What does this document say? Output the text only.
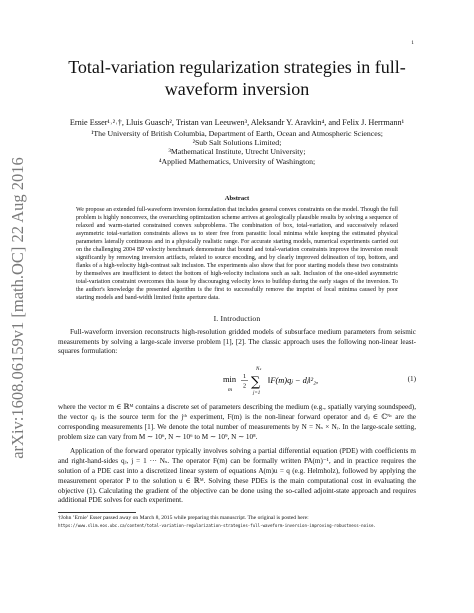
1
arXiv:1608.06159v1 [math.OC] 22 Aug 2016
Total-variation regularization strategies in full-waveform inversion
Ernie Esser¹˒²˒†, Lluis Guasch², Tristan van Leeuwen³, Aleksandr Y. Aravkin⁴, and Felix J. Herrmann¹
¹The University of British Columbia, Department of Earth, Ocean and Atmospheric Sciences;
²Sub Salt Solutions Limited;
³Mathematical Institute, Utrecht University;
⁴Applied Mathematics, University of Washington;
Abstract
We propose an extended full-waveform inversion formulation that includes general convex constraints on the model. Though the full problem is highly nonconvex, the overarching optimization scheme arrives at geologically plausible results by solving a sequence of relaxed and warm-started constrained convex subproblems. The combination of box, total-variation, and successively relaxed asymmetric total-variation constraints allows us to steer free from parasitic local minima while keeping the estimated physical parameters laterally continuous and in a physically realistic range. For accurate starting models, numerical experiments carried out on the challenging 2004 BP velocity benchmark demonstrate that bound and total-variation constraints improve the inversion result significantly by removing inversion artifacts, related to source encoding, and by clearly improved delineation of top, bottom, and flanks of a high-velocity high-contrast salt inclusion. The experiments also show that for poor starting models these two constraints by themselves are insufficient to detect the bottom of high-velocity inclusions such as salt. Inclusion of the one-sided asymmetric total-variation constraint overcomes this issue by discouraging velocity lows to buildup during the early stages of the inversion. To the author's knowledge the presented algorithm is the first to successfully remove the imprint of local minima caused by poor starting models and band-width limited finite aperture data.
I. Introduction

Full-waveform inversion reconstructs high-resolution gridded models of subsurface medium parameters from seismic measurements by solving a large-scale inverse problem [1], [2]. The classic approach uses the following non-linear least-squares formulation:

min
m
1
2
Nₛ
∑
j=1
‖F(m)qⱼ − dⱼ‖²₂,	(1)

where the vector m ∈ ℝᴹ contains a discrete set of parameters describing the medium (e.g., spatially varying soundspeed), the vector qⱼ is the source term for the jᵗʰ experiment, F(m) is the non-linear forward operator and dⱼ ∈ ℂᴺᶜ are the corresponding measurements [1]. We denote the total number of measurements by N = Nₛ × Nᵣ. In the large-scale setting, problem size can vary from M ∼ 10⁶, N ∼ 10⁶ to M ∼ 10⁹, N ∼ 10⁸.

Application of the forward operator typically involves solving a partial differential equation (PDE) with coefficients m and right-hand-sides qⱼ, j = 1 ··· Nₛ. The operator F(m) can be formally written PA(m)⁻¹, and in practice requires the solution of a PDE cast into a discretized linear system of equations A(m)u = q (e.g. Helmholz), followed by applying the measurement operator P to the solution u ∈ ℝᴹ. Solving these PDEs is the main computational cost in evaluating the objective (1). Calculating the gradient of the objective can be done using the so-called adjoint-state approach and requires additional PDE solves for each experiment.

†John ’Ernie’ Esser passed away on March 8, 2015 while preparing this manuscript. The original is posted here:
https://www.slim.eos.ubc.ca/content/total-variation-regularization-strategies-full-waveform-inversion-improving-robustness-noise.
